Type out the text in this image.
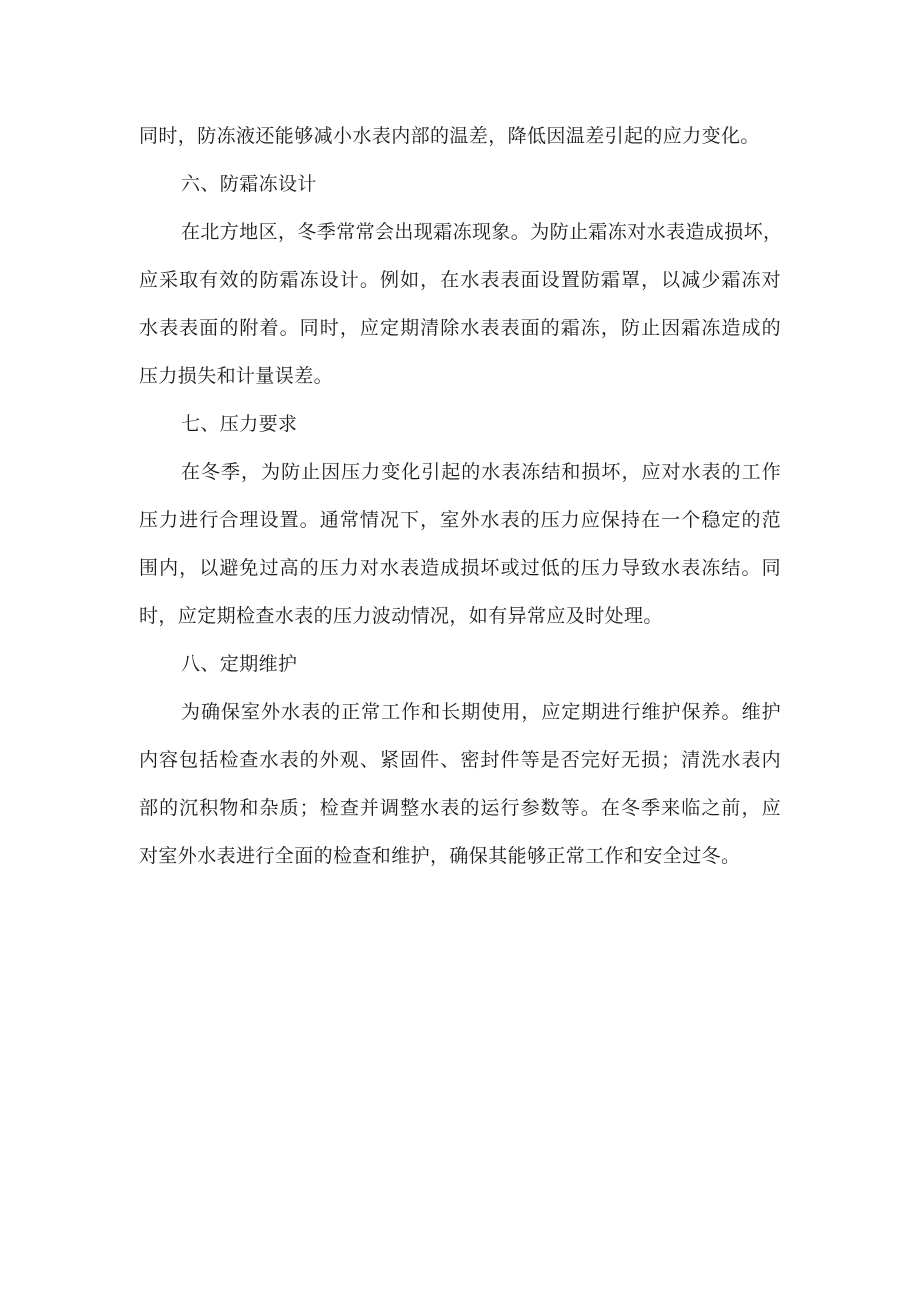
同时，防冻液还能够减小水表内部的温差，降低因温差引起的应力变化。
六、防霜冻设计
在北方地区，冬季常常会出现霜冻现象。为防止霜冻对水表造成损坏，
应采取有效的防霜冻设计。例如，在水表表面设置防霜罩，以减少霜冻对
水表表面的附着。同时，应定期清除水表表面的霜冻，防止因霜冻造成的
压力损失和计量误差。
七、压力要求
在冬季，为防止因压力变化引起的水表冻结和损坏，应对水表的工作
压力进行合理设置。通常情况下，室外水表的压力应保持在一个稳定的范
围内，以避免过高的压力对水表造成损坏或过低的压力导致水表冻结。同
时，应定期检查水表的压力波动情况，如有异常应及时处理。
八、定期维护
为确保室外水表的正常工作和长期使用，应定期进行维护保养。维护
内容包括检查水表的外观、紧固件、密封件等是否完好无损；清洗水表内
部的沉积物和杂质；检查并调整水表的运行参数等。在冬季来临之前，应
对室外水表进行全面的检查和维护，确保其能够正常工作和安全过冬。
